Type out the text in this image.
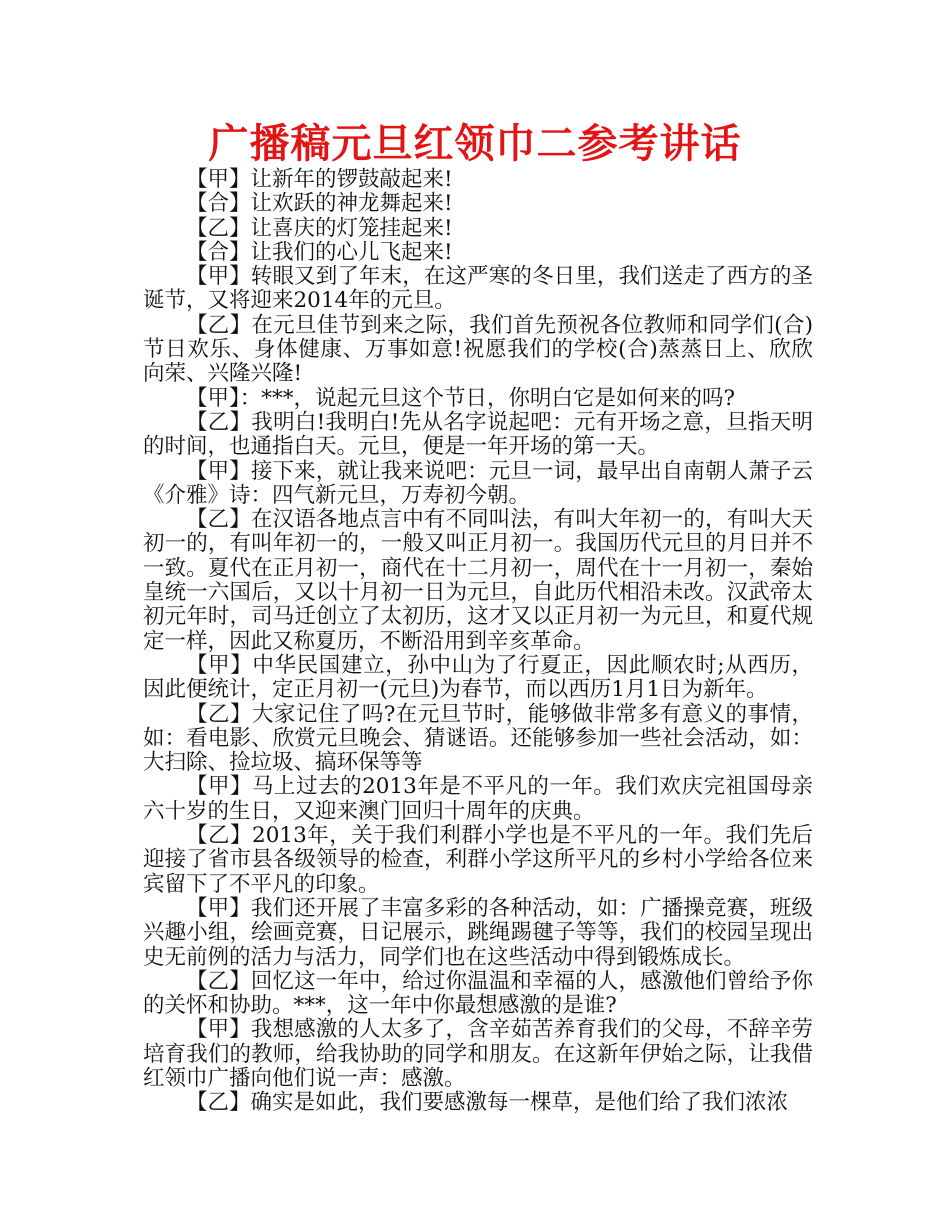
广播稿元旦红领巾二参考讲话

【甲】让新年的锣鼓敲起来!

【合】让欢跃的神龙舞起来!

【乙】让喜庆的灯笼挂起来!

【合】让我们的心儿飞起来!

【甲】转眼又到了年末，在这严寒的冬日里，我们送走了西方的圣诞节，又将迎来2014年的元旦。

【乙】在元旦佳节到来之际，我们首先预祝各位教师和同学们(合)节日欢乐、身体健康、万事如意!祝愿我们的学校(合)蒸蒸日上、欣欣向荣、兴隆兴隆!

【甲】：***，说起元旦这个节日，你明白它是如何来的吗?

【乙】我明白!我明白!先从名字说起吧：元有开场之意，旦指天明的时间，也通指白天。元旦，便是一年开场的第一天。

【甲】接下来，就让我来说吧：元旦一词，最早出自南朝人萧子云《介雅》诗：四气新元旦，万寿初今朝。

【乙】在汉语各地点言中有不同叫法，有叫大年初一的，有叫大天初一的，有叫年初一的，一般又叫正月初一。我国历代元旦的月日并不一致。夏代在正月初一，商代在十二月初一，周代在十一月初一，秦始皇统一六国后，又以十月初一日为元旦，自此历代相沿未改。汉武帝太初元年时，司马迁创立了太初历，这才又以正月初一为元旦，和夏代规定一样，因此又称夏历，不断沿用到辛亥革命。

【甲】中华民国建立，孙中山为了行夏正，因此顺农时;从西历，因此便统计，定正月初一(元旦)为春节，而以西历1月1日为新年。

【乙】大家记住了吗?在元旦节时，能够做非常多有意义的事情，如：看电影、欣赏元旦晚会、猜谜语。还能够参加一些社会活动，如：大扫除、捡垃圾、搞环保等等

【甲】马上过去的2013年是不平凡的一年。我们欢庆完祖国母亲六十岁的生日，又迎来澳门回归十周年的庆典。

【乙】2013年，关于我们利群小学也是不平凡的一年。我们先后迎接了省市县各级领导的检查，利群小学这所平凡的乡村小学给各位来宾留下了不平凡的印象。

【甲】我们还开展了丰富多彩的各种活动，如：广播操竞赛，班级兴趣小组，绘画竞赛，日记展示，跳绳踢毽子等等，我们的校园呈现出史无前例的活力与活力，同学们也在这些活动中得到锻炼成长。

【乙】回忆这一年中，给过你温温和幸福的人，感激他们曾给予你的关怀和协助。***，这一年中你最想感激的是谁?

【甲】我想感激的人太多了，含辛茹苦养育我们的父母，不辞辛劳培育我们的教师，给我协助的同学和朋友。在这新年伊始之际，让我借红领巾广播向他们说一声：感激。

【乙】确实是如此，我们要感激每一棵草，是他们给了我们浓浓
